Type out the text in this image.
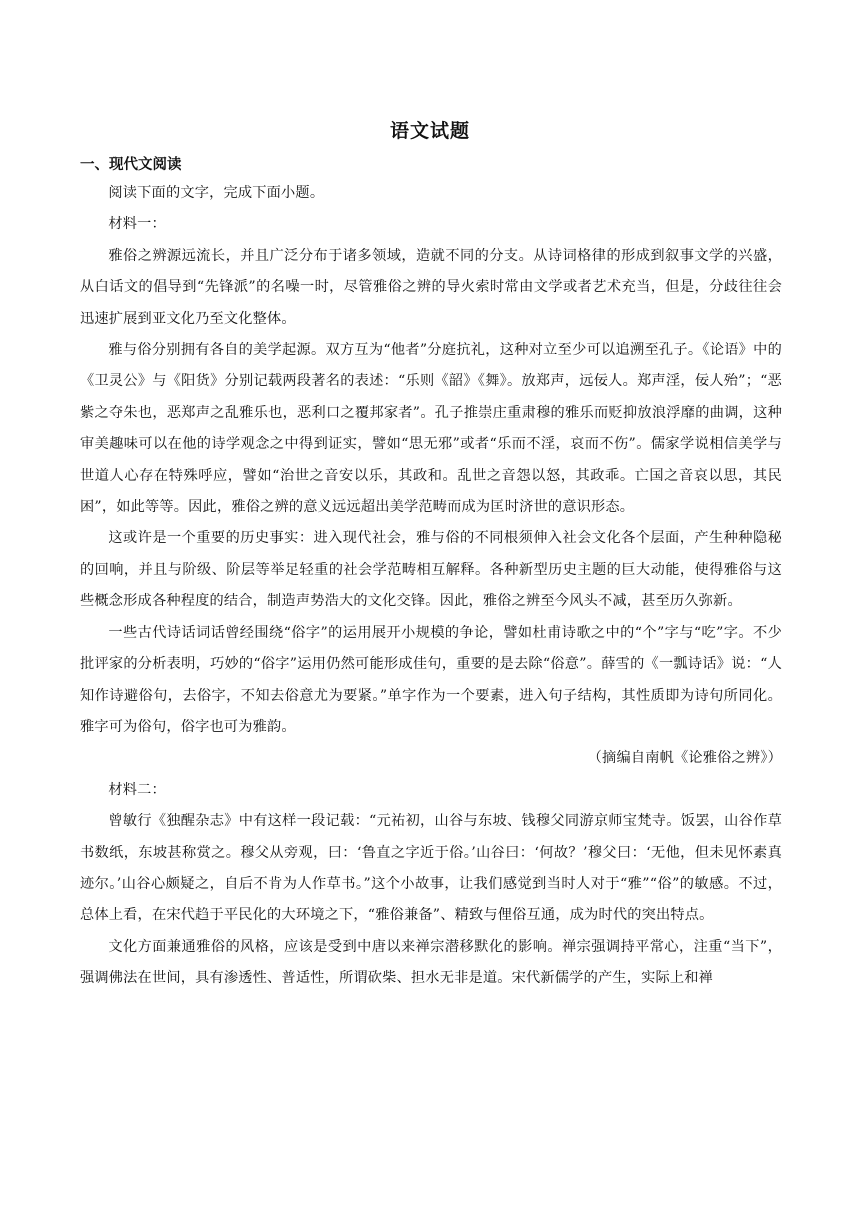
语文试题
一、现代文阅读

阅读下面的文字，完成下面小题。

材料一：

雅俗之辨源远流长，并且广泛分布于诸多领域，造就不同的分支。从诗词格律的形成到叙事文学的兴盛，从白话文的倡导到“先锋派”的名噪一时，尽管雅俗之辨的导火索时常由文学或者艺术充当，但是，分歧往往会迅速扩展到亚文化乃至文化整体。

雅与俗分别拥有各自的美学起源。双方互为“他者”分庭抗礼，这种对立至少可以追溯至孔子。《论语》中的《卫灵公》与《阳货》分别记载两段著名的表述：“乐则《韶》《舞》。放郑声，远佞人。郑声淫，佞人殆”；“恶紫之夺朱也，恶郑声之乱雅乐也，恶利口之覆邦家者”。孔子推崇庄重肃穆的雅乐而贬抑放浪浮靡的曲调，这种审美趣味可以在他的诗学观念之中得到证实，譬如“思无邪”或者“乐而不淫，哀而不伤”。儒家学说相信美学与世道人心存在特殊呼应，譬如“治世之音安以乐，其政和。乱世之音怨以怒，其政乖。亡国之音哀以思，其民困”，如此等等。因此，雅俗之辨的意义远远超出美学范畴而成为匡时济世的意识形态。

这或许是一个重要的历史事实：进入现代社会，雅与俗的不同根须伸入社会文化各个层面，产生种种隐秘的回响，并且与阶级、阶层等举足轻重的社会学范畴相互解释。各种新型历史主题的巨大动能，使得雅俗与这些概念形成各种程度的结合，制造声势浩大的文化交锋。因此，雅俗之辨至今风头不减，甚至历久弥新。

一些古代诗话词话曾经围绕“俗字”的运用展开小规模的争论，譬如杜甫诗歌之中的“个”字与“吃”字。不少批评家的分析表明，巧妙的“俗字”运用仍然可能形成佳句，重要的是去除“俗意”。薛雪的《一瓢诗话》说：“人知作诗避俗句，去俗字，不知去俗意尤为要紧。”单字作为一个要素，进入句子结构，其性质即为诗句所同化。雅字可为俗句，俗字也可为雅韵。

（摘编自南帆《论雅俗之辨》）

材料二：

曾敏行《独醒杂志》中有这样一段记载：“元祐初，山谷与东坡、钱穆父同游京师宝梵寺。饭罢，山谷作草书数纸，东坡甚称赏之。穆父从旁观，曰：‘鲁直之字近于俗。’山谷曰：‘何故？’穆父曰：‘无他，但未见怀素真迹尔。’山谷心颇疑之，自后不肯为人作草书。”这个小故事，让我们感觉到当时人对于“雅”“俗”的敏感。不过，总体上看，在宋代趋于平民化的大环境之下，“雅俗兼备”、精致与俚俗互通，成为时代的突出特点。

文化方面兼通雅俗的风格，应该是受到中唐以来禅宗潜移默化的影响。禅宗强调持平常心，注重“当下”，强调佛法在世间，具有渗透性、普适性，所谓砍柴、担水无非是道。宋代新儒学的产生，实际上和禅
